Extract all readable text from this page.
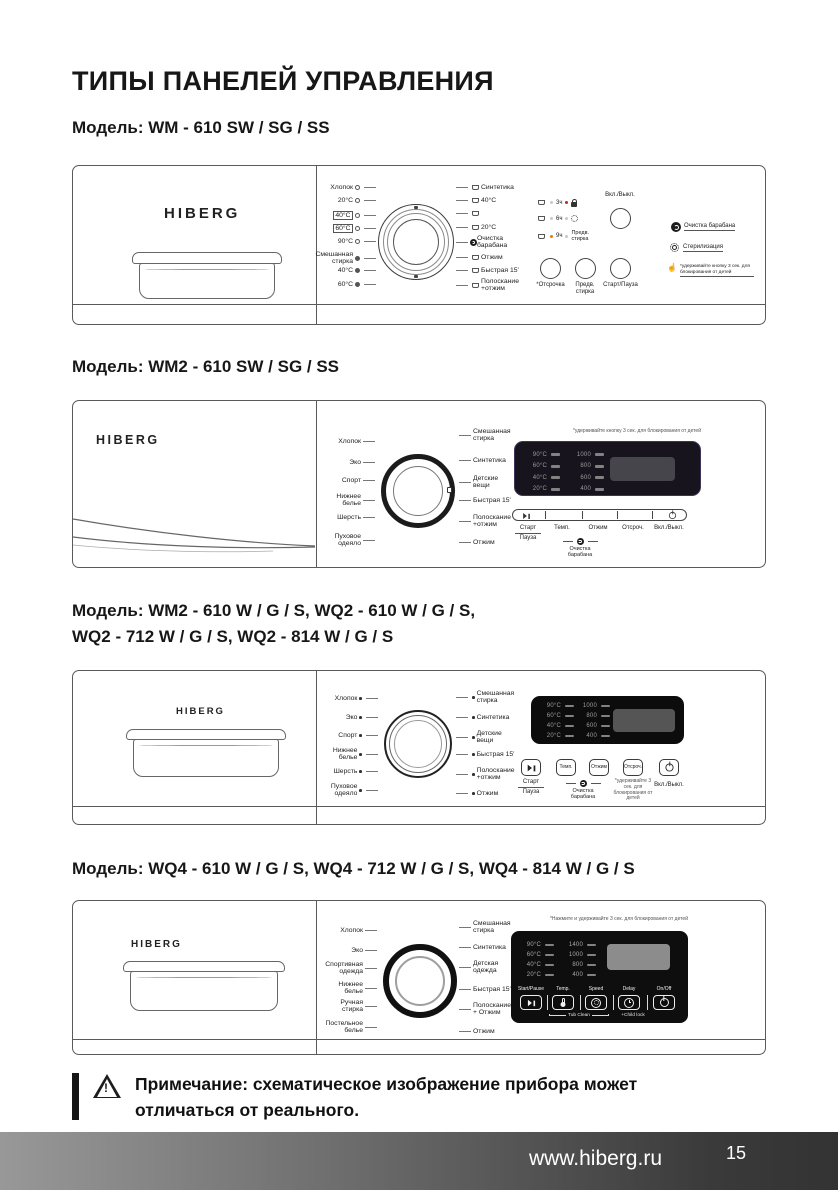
ТИПЫ ПАНЕЛЕЙ УПРАВЛЕНИЯ
Модель: WM - 610 SW / SG / SS
HIBERG
Хлопок
20°C
40°C
60°C
90°C
Смешанная стирка
40°C
60°C
Синтетика
40°C
20°C
Очистка барабана
Отжим
Быстрая 15'
Полоскание +отжим
3ч
6ч
9ч Предв. стирка
Вкл./Выкл.
*Отсрочка	Предв. стирка
Старт/Пауза
Очистка барабана
Стерилизация
☝ *удерживайте кнопку 3 сек. для блокирования от детей
Модель: WM2 - 610 SW / SG / SS
HIBERG	Хлопок
Эко
Спорт
Нижнее белье
Шерсть
Пуховое одеяло
Смешанная стирка
Синтетика
Детские вещи
Быстрая 15'
Полоскание +отжим
Отжим
*удерживайте кнопку 3 сек. для блокирования от детей
90°C
60°C
40°C
20°C
1000
800
600
400
Старт
Пауза
Темп.	Отжим	Отсроч.	Вкл./Выкл.
Очистка барабана
Модель: WM2 - 610 W / G / S, WQ2 - 610 W / G / S,
WQ2 - 712 W / G / S, WQ2 - 814 W / G / S
HIBERG
Хлопок
Эко
Спорт
Нижнее белье
Шерсть
Пуховое одеяло
Смешанная стирка
Синтетика
Детские вещи
Быстрая 15'
Полоскание +отжим
Отжим
90°C
60°C
40°C
20°C
1000
800
600
400
Темп.	Отжим	Отсроч.
Старт
Пауза	Очистка барабана
*удерживайте 3 сек. для блокирования от детей
Вкл./Выкл.
Модель: WQ4 - 610 W / G / S, WQ4 - 712 W / G / S, WQ4 - 814 W / G / S
HIBERG
Хлопок
Эко
Спортивная одежда
Нижнее белье
Ручная стирка
Постельное белье
Смешанная стирка
Синтетика
Детская одежда
Быстрая 15'
Полоскание + Отжим
Отжим
*Нажмите и удерживайте 3 сек. для блокирования от детей
90°C
60°C
40°C
20°C
1400
1000
800
400
Start/Pause	Temp.	Speed	Delay	On/Off
Tub Clean	+Child lock
! Примечание: схематическое изображение прибора может
отличаться от реального.
www.hiberg.ru	15
